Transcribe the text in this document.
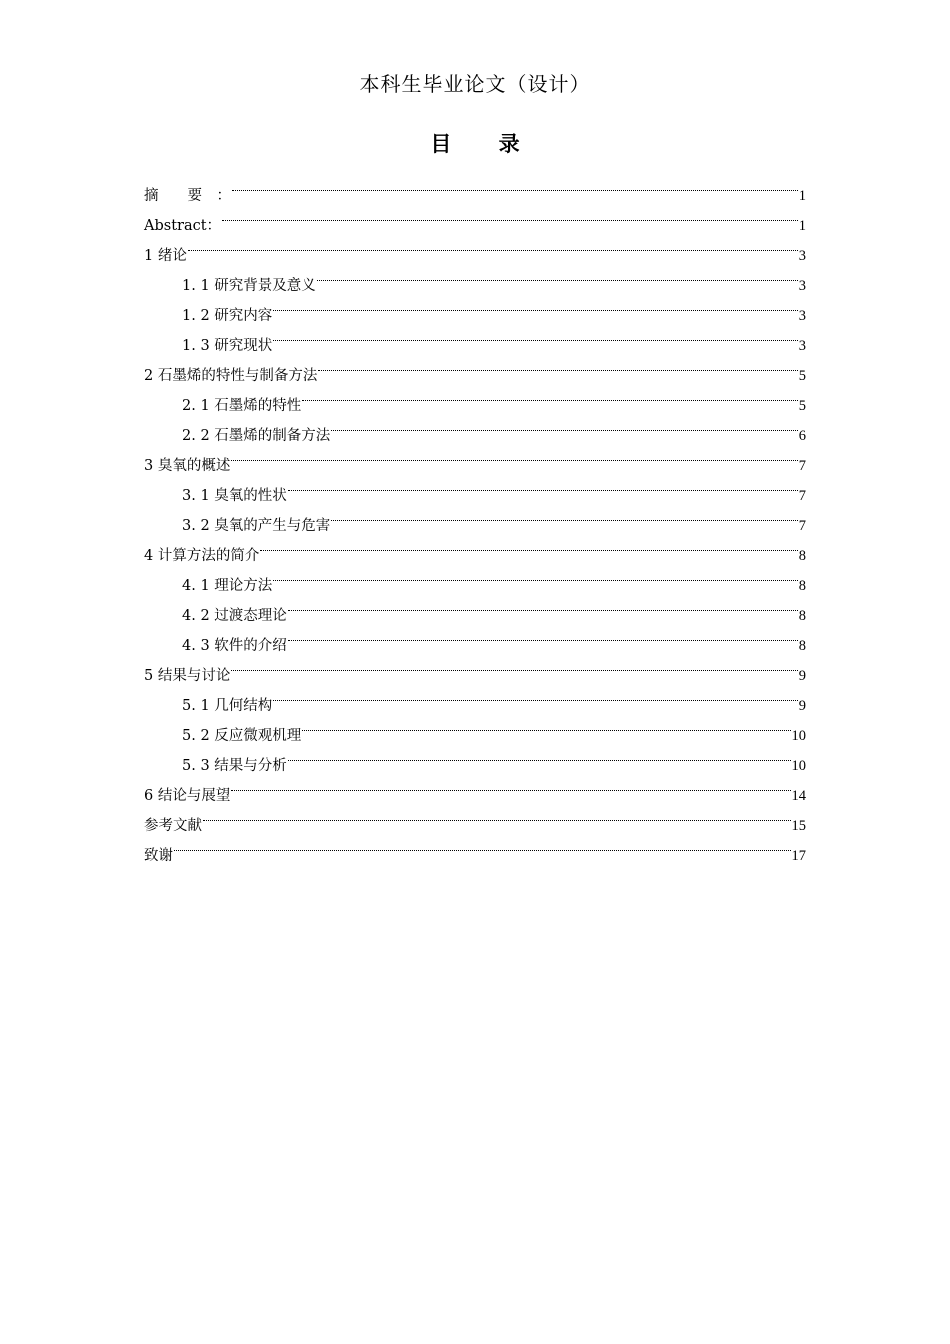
本科生毕业论文（设计）
目 录
摘　　要　：	1
Abstract：	1
1 绪论	3
1. 1 研究背景及意义	3
1. 2 研究内容	3
1. 3 研究现状	3
2 石墨烯的特性与制备方法	5
2. 1 石墨烯的特性	5
2. 2 石墨烯的制备方法	6
3 臭氧的概述	7
3. 1 臭氧的性状	7
3. 2 臭氧的产生与危害	7
4 计算方法的简介	8
4. 1 理论方法	8
4. 2 过渡态理论	8
4. 3 软件的介绍	8
5 结果与讨论	9
5. 1 几何结构	9
5. 2 反应微观机理	10
5. 3 结果与分析	10
6 结论与展望	14
参考文献	15
致谢	17
